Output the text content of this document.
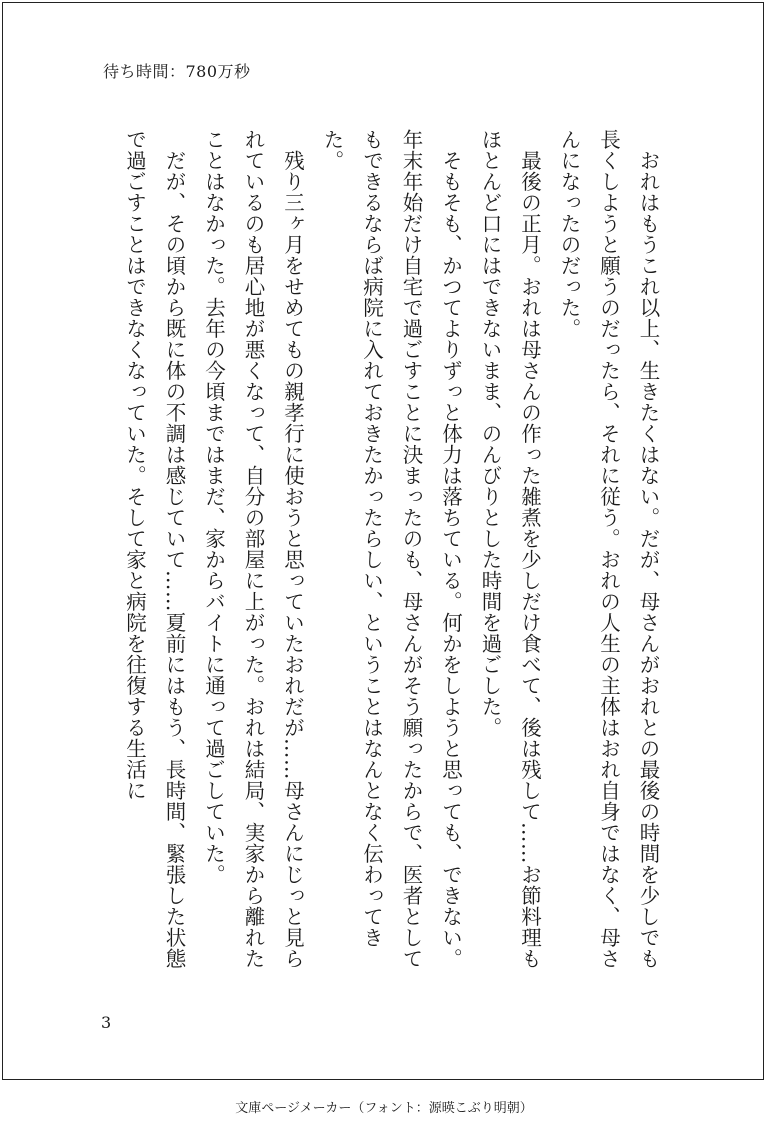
待ち時間：780万秒

おれはもうこれ以上、生きたくはない。だが、母さんがおれとの最後の時間を少しでも長くしようと願うのだったら、それに従う。おれの人生の主体はおれ自身ではなく、母さんになったのだった。

最後の正月。おれは母さんの作った雑煮を少しだけ食べて、後は残して……お節料理もほとんど口にはできないまま、のんびりとした時間を過ごした。

そもそも、かつてよりずっと体力は落ちている。何かをしようと思っても、できない。年末年始だけ自宅で過ごすことに決まったのも、母さんがそう願ったからで、医者としてもできるならば病院に入れておきたかったらしい、ということはなんとなく伝わってきた。

残り三ヶ月をせめてもの親孝行に使おうと思っていたおれだが……母さんにじっと見られているのも居心地が悪くなって、自分の部屋に上がった。おれは結局、実家から離れたことはなかった。去年の今頃まではまだ、家からバイトに通って過ごしていた。

だが、その頃から既に体の不調は感じていて……夏前にはもう、長時間、緊張した状態で過ごすことはできなくなっていた。そして家と病院を往復する生活に

3
文庫ページメーカー（フォント：源暎こぶり明朝）
